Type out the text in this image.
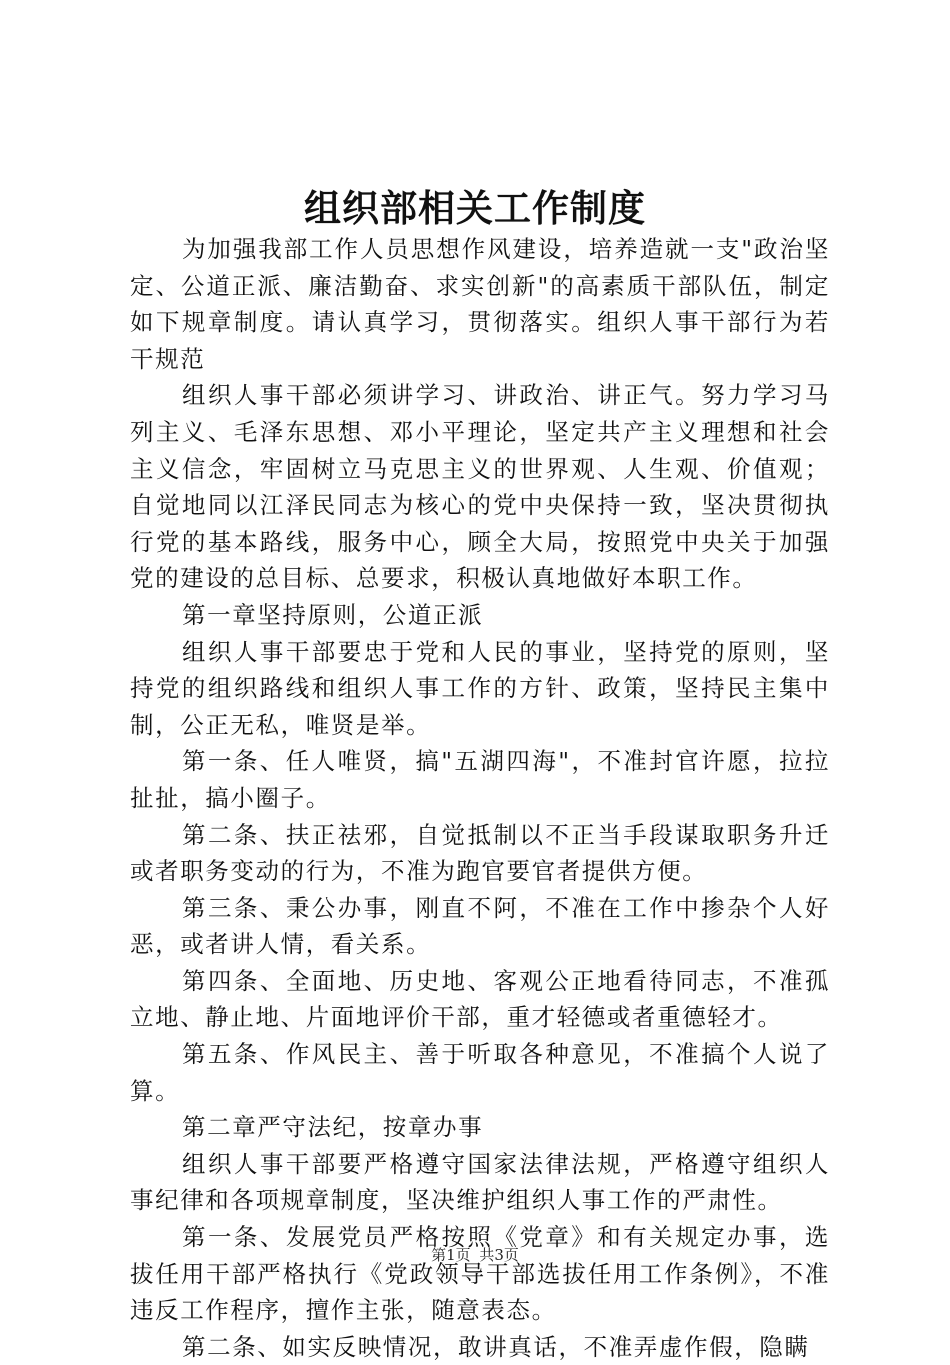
组织部相关工作制度

为加强我部工作人员思想作风建设，培养造就一支"政治坚定、公道正派、廉洁勤奋、求实创新"的高素质干部队伍，制定如下规章制度。请认真学习，贯彻落实。组织人事干部行为若干规范

组织人事干部必须讲学习、讲政治、讲正气。努力学习马列主义、毛泽东思想、邓小平理论，坚定共产主义理想和社会主义信念，牢固树立马克思主义的世界观、人生观、价值观；自觉地同以江泽民同志为核心的党中央保持一致，坚决贯彻执行党的基本路线，服务中心，顾全大局，按照党中央关于加强党的建设的总目标、总要求，积极认真地做好本职工作。

第一章坚持原则，公道正派

组织人事干部要忠于党和人民的事业，坚持党的原则，坚持党的组织路线和组织人事工作的方针、政策，坚持民主集中制，公正无私，唯贤是举。

第一条、任人唯贤，搞"五湖四海"，不准封官许愿，拉拉扯扯，搞小圈子。

第二条、扶正祛邪，自觉抵制以不正当手段谋取职务升迁或者职务变动的行为，不准为跑官要官者提供方便。

第三条、秉公办事，刚直不阿，不准在工作中掺杂个人好恶，或者讲人情，看关系。

第四条、全面地、历史地、客观公正地看待同志，不准孤立地、静止地、片面地评价干部，重才轻德或者重德轻才。

第五条、作风民主、善于听取各种意见，不准搞个人说了算。

第二章严守法纪，按章办事

组织人事干部要严格遵守国家法律法规，严格遵守组织人事纪律和各项规章制度，坚决维护组织人事工作的严肃性。

第一条、发展党员严格按照《党章》和有关规定办事，选拔任用干部严格执行《党政领导干部选拔任用工作条例》，不准违反工作程序，擅作主张，随意表态。

第二条、如实反映情况，敢讲真话，不准弄虚作假，隐瞒

第1页 共3页
